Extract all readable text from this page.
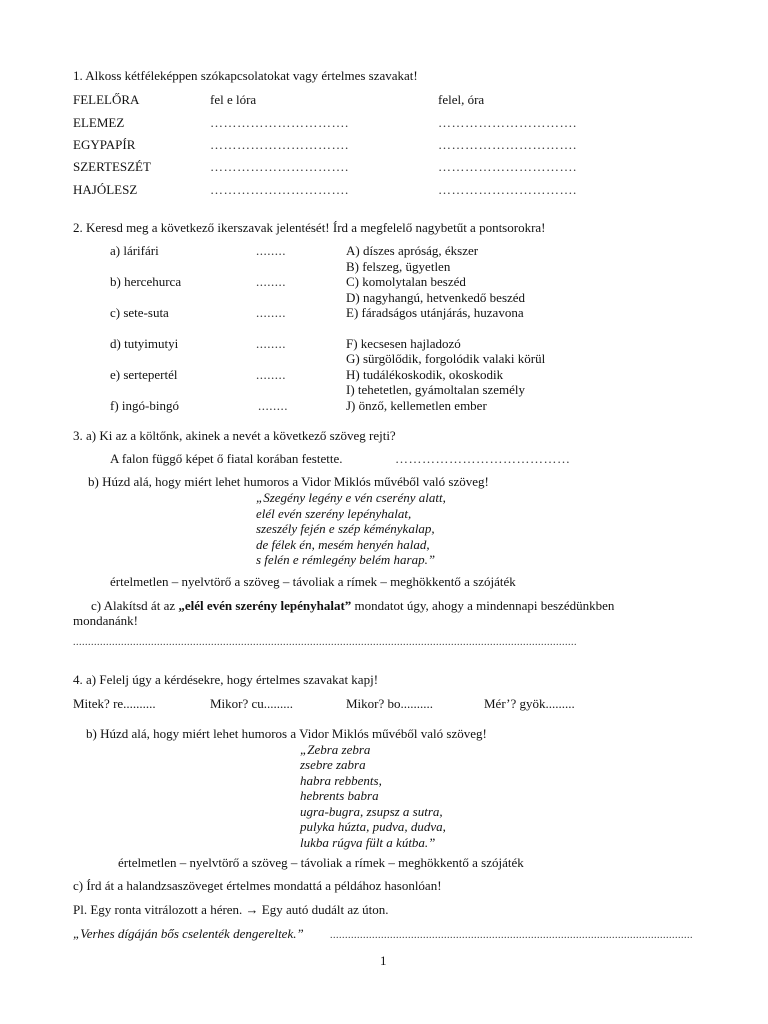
1. Alkoss kétféleképpen szókapcsolatokat vagy értelmes szavakat!
FELELŐRA	fel e lóra	felel, óra
ELEMEZ	………………………….	………………………….
EGYPAPÍR	………………………….	………………………….
SZERTESZÉT	………………………….	………………………….
HAJÓLESZ	………………………….	………………………….
2. Keresd meg a következő ikerszavak jelentését! Írd a megfelelő nagybetűt a pontsorokra!
a) lárifári	........
b) hercehurca	........
c) sete-suta	........
d) tutyimutyi	........
e) sertepertél	........
f) ingó-bingó	........
A) díszes apróság, ékszer
B) felszeg, ügyetlen
C) komolytalan beszéd
D) nagyhangú, hetvenkedő beszéd
E) fáradságos utánjárás, huzavona
F) kecsesen hajladozó
G) sürgölődik, forgolódik valaki körül
H) tudálékoskodik, okoskodik
I) tehetetlen, gyámoltalan személy
J) önző, kellemetlen ember
3. a) Ki az a költőnk, akinek a nevét a következő szöveg rejti?
A falon függő képet ő fiatal korában festette.	…………………………………
b) Húzd alá, hogy miért lehet humoros a Vidor Miklós művéből való szöveg!
„Szegény legény e vén cserény alatt,
elél evén szerény lepényhalat,
szeszély fején e szép kéménykalap,
de félek én, mesém henyén halad,
s felén e rémlegény belém harap.”
értelmetlen – nyelvtörő a szöveg – távoliak a rímek – meghökkentő a szójáték
c) Alakítsd át az „elél evén szerény lepényhalat” mondatot úgy, ahogy a mindennapi beszédünkben
mondanánk!
........................................................................................................................................................................
4. a) Felelj úgy a kérdésekre, hogy értelmes szavakat kapj!
Mitek? re..........	Mikor? cu.........	Mikor? bo..........	Mér’? gyök.........
b) Húzd alá, hogy miért lehet humoros a Vidor Miklós művéből való szöveg!
„Zebra zebra
zsebre zabra
habra rebbents,
hebrents babra
ugra-bugra, zsupsz a sutra,
pulyka húzta, pudva, dudva,
lukba rúgva fült a kútba.”
értelmetlen – nyelvtörő a szöveg – távoliak a rímek – meghökkentő a szójáték
c) Írd át a halandzsaszöveget értelmes mondattá a példához hasonlóan!
Pl. Egy ronta vitrálozott a héren. → Egy autó dudált az úton.
„Verhes dígáján bős cselenték dengereltek.”	.........................................................................................................................
1
